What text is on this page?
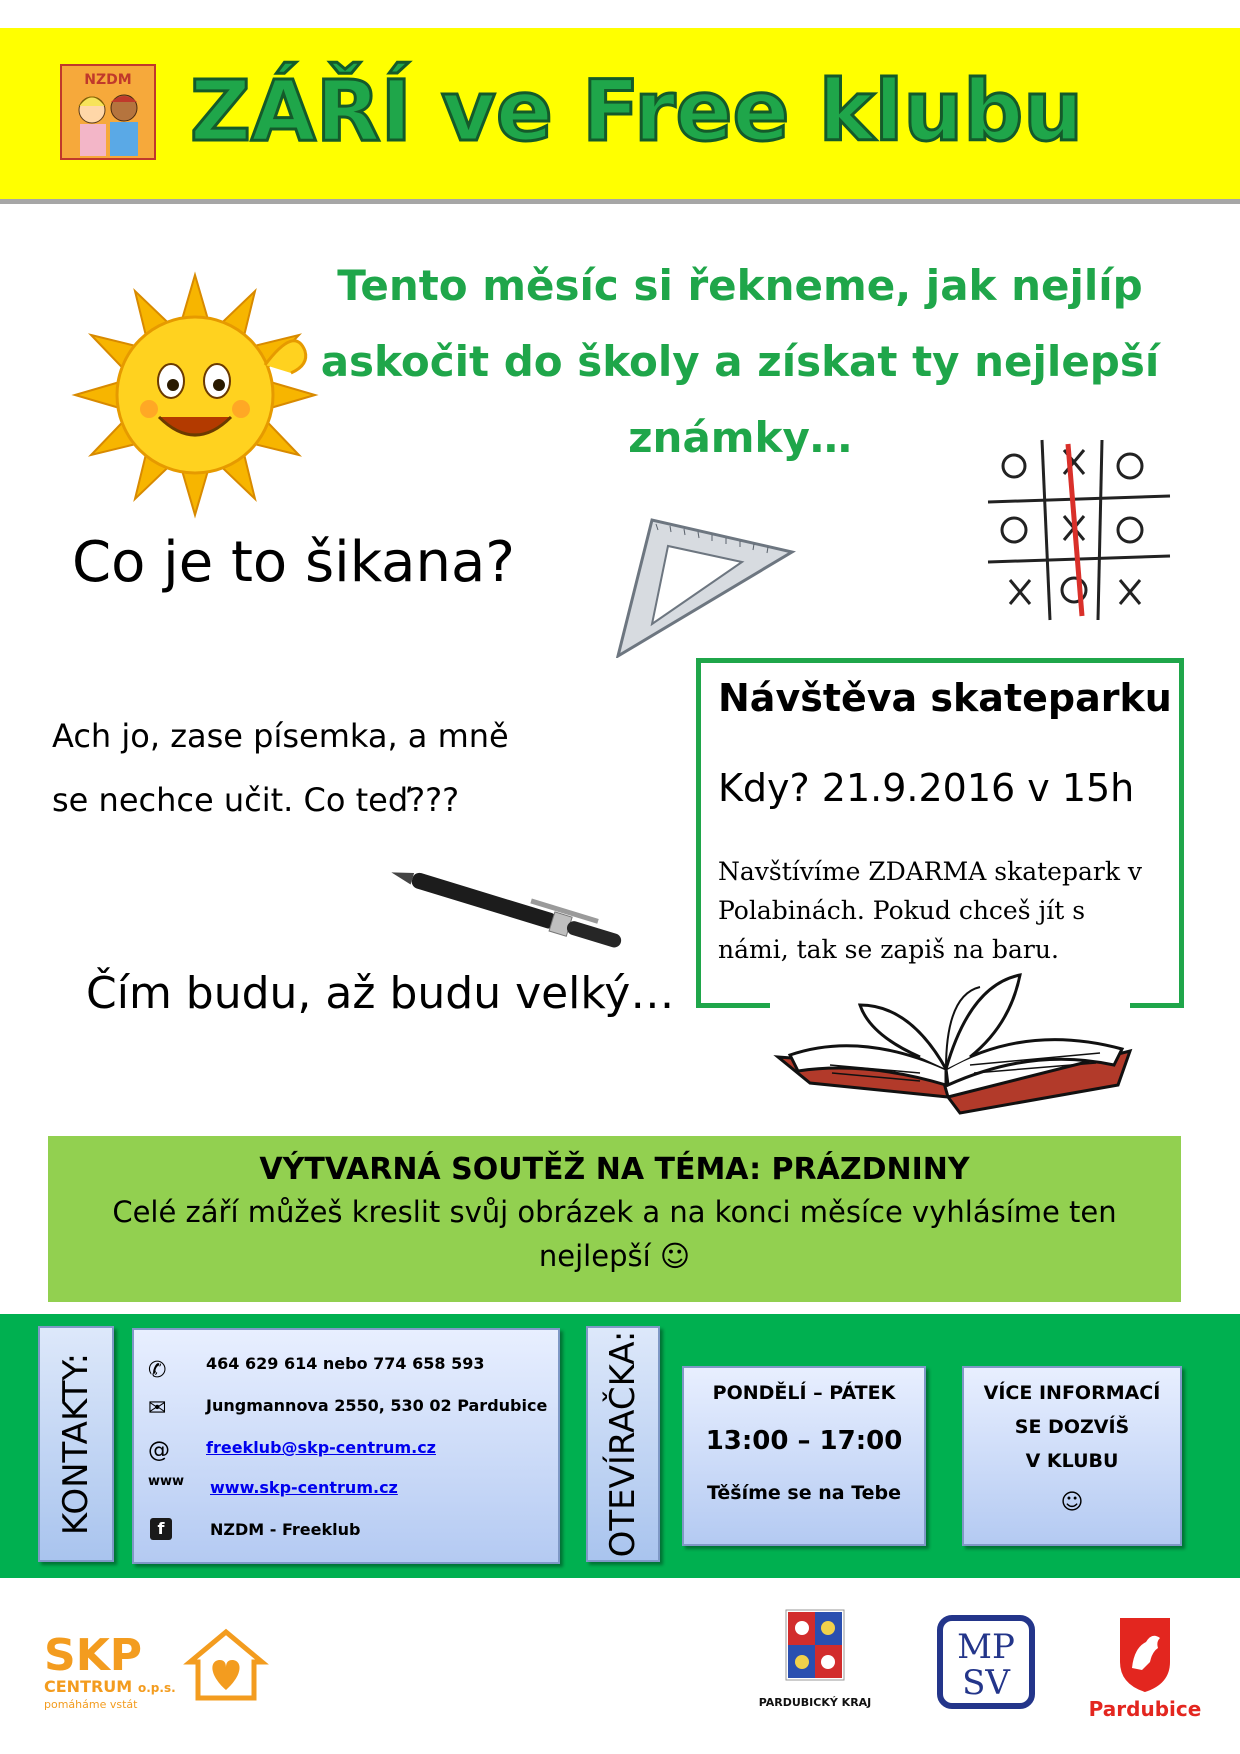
NZDM ZÁŘÍ ve Free klubu
Tento měsíc si řekneme, jak nejlíp
askočit do školy a získat ty nejlepší
známky…
Co je to šikana?
Ach jo, zase písemka, a mně
se nechce učit. Co teď???
Čím budu, až budu velký…
Návštěva skateparku
Kdy? 21.9.2016 v 15h
Navštívíme ZDARMA skatepark v Polabinách. Pokud chceš jít s námi, tak se zapiš na baru.
VÝTVARNÁ SOUTĚŽ NA TÉMA: PRÁZDNINY
Celé září můžeš kreslit svůj obrázek a na konci měsíce vyhlásíme ten nejlepší ☺
KONTAKTY: ✆ 464 629 614 nebo 774 658 593
✉ Jungmannova 2550, 530 02 Pardubice
@ freeklub@skp-centrum.cz
www www.skp-centrum.cz
f	NZDM - Freeklub	OTEVÍRAČKA:	PONDĚLÍ – PÁTEK
13:00 – 17:00
Těšíme se na Tebe
VÍCE INFORMACÍ
SE DOZVÍŠ
V KLUBU
☺
SKP
CENTRUM o.p.s.
pomáháme vstát	PARDUBICKÝ KRAJ
MP
SV
Pardubice
